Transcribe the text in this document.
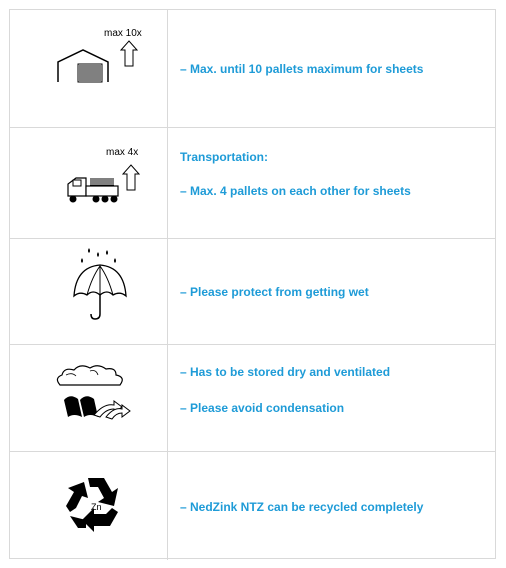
max 10x
– Max. until 10 pallets maximum for sheets
max 4x	Transportation:
– Max. 4 pallets on each other for sheets
– Please protect from getting wet
– Has to be stored dry and ventilated
– Please avoid condensation
Zn	– NedZink NTZ can be recycled completely
